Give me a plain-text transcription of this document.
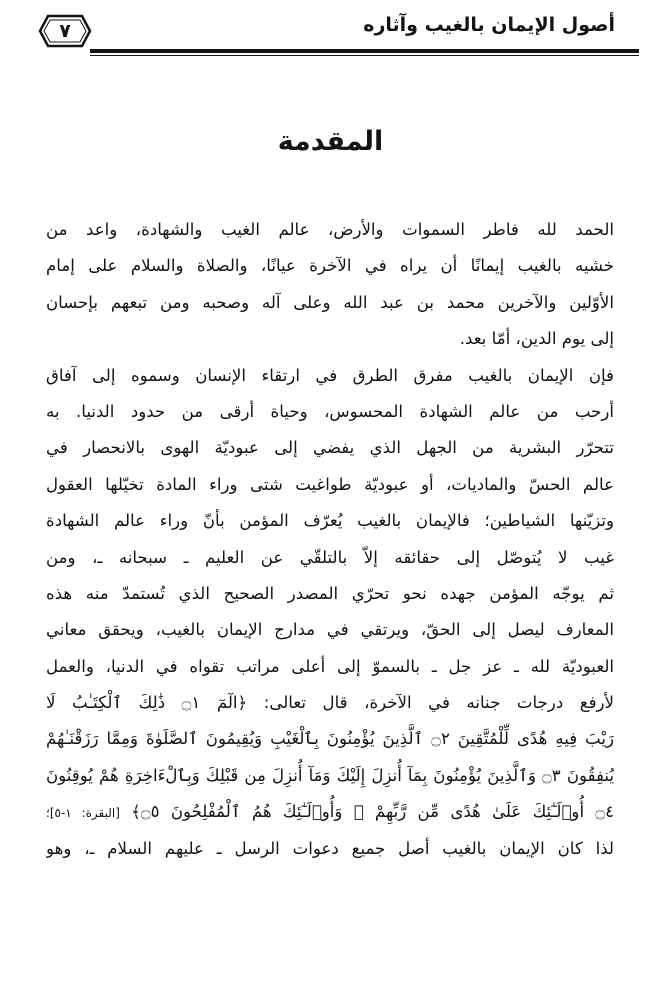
أصول الإيمان بالغيب وآثاره
٧
المقدمة
الحمد لله فاطر السموات والأرض، عالم الغيب والشهادة، واعد من
خشيه بالغيب إيمانًا أن يراه في الآخرة عيانًا، والصلاة والسلام على إمام
الأوّلين والآخرين محمد بن عبد الله وعلى آله وصحبه ومن تبعهم بإحسان
إلى يوم الدين، أمّا بعد.
فإن الإيمان بالغيب مفرق الطرق في ارتقاء الإنسان وسموه إلى آفاق
أرحب من عالم الشهادة المحسوس، وحياة أرقى من حدود الدنيا. به
تتحرّر البشرية من الجهل الذي يفضي إلى عبوديّة الهوى بالانحصار في
عالم الحسّ والماديات، أو عبوديّة طواغيت شتى وراء المادة تخيّلها العقول
وتزيّنها الشياطين؛ فالإيمان بالغيب يُعرّف المؤمن بأنّ وراء عالم الشهادة
غيب لا يُتوصّل إلى حقائقه إلاّ بالتلقّي عن العليم ـ سبحانه ـ، ومن
ثم يوجّه المؤمن جهده نحو تحرّي المصدر الصحيح الذي تُستمدّ منه هذه
المعارف ليصل إلى الحقّ، ويرتقي في مدارج الإيمان بالغيب، ويحقق معاني
العبوديّة لله ـ عز جل ـ بالسموّ إلى أعلى مراتب تقواه في الدنيا، والعمل
لأرفع درجات جنانه في الآخرة، قال تعالى: ﴿الٓمٓ ۝١ ذَٰلِكَ ٱلْكِتَـٰبُ لَا
رَيْبَ فِيهِ هُدًى لِّلْمُتَّقِينَ ۝٢ ٱلَّذِينَ يُؤْمِنُونَ بِٱلْغَيْبِ وَيُقِيمُونَ ٱلصَّلَوٰةَ وَمِمَّا رَزَقْنَـٰهُمْ
يُنفِقُونَ ۝٣ وَٱلَّذِينَ يُؤْمِنُونَ بِمَآ أُنزِلَ إِلَيْكَ وَمَآ أُنزِلَ مِن قَبْلِكَ وَبِٱلْءَاخِرَةِ هُمْ يُوقِنُونَ
۝٤ أُو۟لَـٰٓئِكَ عَلَىٰ هُدًى مِّن رَّبِّهِمْ ۖ وَأُو۟لَـٰٓئِكَ هُمُ ٱلْمُفْلِحُونَ ۝٥﴾ [البقرة: ١-٥]؛
لذا كان الإيمان بالغيب أصل جميع دعوات الرسل ـ عليهم السلام ـ، وهو
